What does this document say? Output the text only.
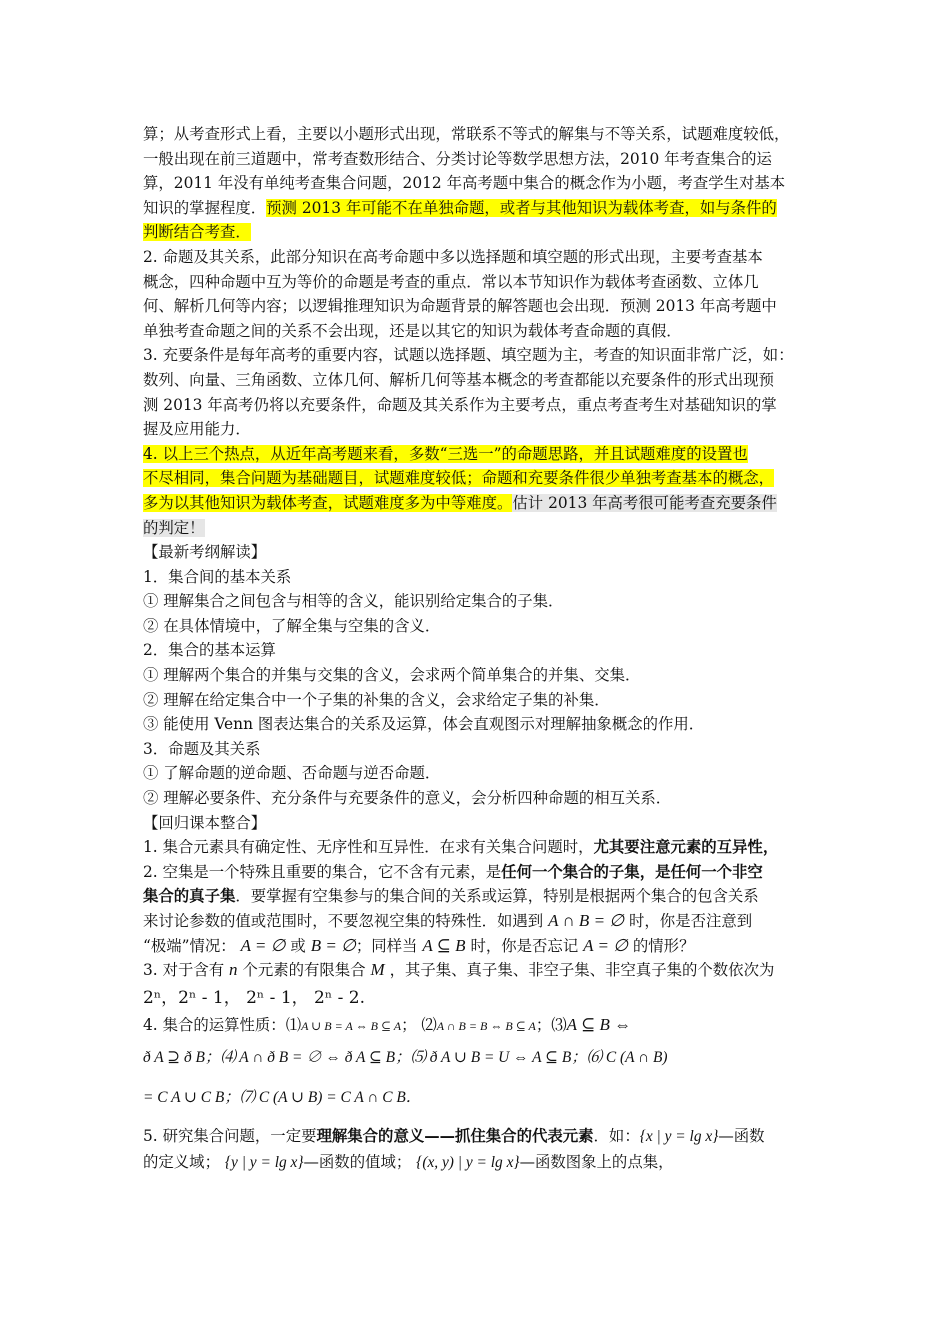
算；从考查形式上看，主要以小题形式出现，常联系不等式的解集与不等关系，试题难度较低，
一般出现在前三道题中，常考查数形结合、分类讨论等数学思想方法，2010 年考查集合的运
算，2011 年没有单纯考查集合问题，2012 年高考题中集合的概念作为小题，考查学生对基本
知识的掌握程度．预测 2013 年可能不在单独命题，或者与其他知识为载体考查，如与条件的
判断结合考查．
2. 命题及其关系，此部分知识在高考命题中多以选择题和填空题的形式出现，主要考查基本
概念，四种命题中互为等价的命题是考查的重点．常以本节知识作为载体考查函数、立体几
何、解析几何等内容；以逻辑推理知识为命题背景的解答题也会出现．预测 2013 年高考题中
单独考查命题之间的关系不会出现，还是以其它的知识为载体考查命题的真假．
3. 充要条件是每年高考的重要内容，试题以选择题、填空题为主，考查的知识面非常广泛，如：
数列、向量、三角函数、立体几何、解析几何等基本概念的考查都能以充要条件的形式出现预
测 2013 年高考仍将以充要条件，命题及其关系作为主要考点，重点考查考生对基础知识的掌
握及应用能力．
4. 以上三个热点，从近年高考题来看，多数“三选一”的命题思路，并且试题难度的设置也
不尽相同，集合问题为基础题目，试题难度较低；命题和充要条件很少单独考查基本的概念，
多为以其他知识为载体考查，试题难度多为中等难度。估计 2013 年高考很可能考查充要条件
的判定！
【最新考纲解读】
1．集合间的基本关系
① 理解集合之间包含与相等的含义，能识别给定集合的子集．
② 在具体情境中，了解全集与空集的含义．
2．集合的基本运算
① 理解两个集合的并集与交集的含义，会求两个简单集合的并集、交集．
② 理解在给定集合中一个子集的补集的含义，会求给定子集的补集．
③ 能使用 Venn 图表达集合的关系及运算，体会直观图示对理解抽象概念的作用．
3．命题及其关系
① 了解命题的逆命题、否命题与逆否命题．
② 理解必要条件、充分条件与充要条件的意义，会分析四种命题的相互关系．
【回归课本整合】
1. 集合元素具有确定性、无序性和互异性．在求有关集合问题时，尤其要注意元素的互异性，
2. 空集是一个特殊且重要的集合，它不含有元素，是任何一个集合的子集，是任何一个非空
集合的真子集．要掌握有空集参与的集合间的关系或运算，特别是根据两个集合的包含关系
来讨论参数的值或范围时，不要忽视空集的特殊性．如遇到 A ∩ B = ∅ 时，你是否注意到
“极端”情况： A = ∅ 或 B = ∅；同样当 A ⊆ B 时，你是否忘记 A = ∅ 的情形？
3. 对于含有 n 个元素的有限集合 M ，其子集、真子集、非空子集、非空真子集的个数依次为
2ⁿ，2ⁿ - 1， 2ⁿ - 1， 2ⁿ - 2.
4. 集合的运算性质：⑴A ∪ B = A ⇔ B ⊆ A； ⑵A ∩ B = B ⇔ B ⊆ A；⑶A ⊆ B ⇔
ð A ⊇ ð B；⑷ A ∩ ð B = ∅ ⇔ ð A ⊆ B；⑸ ð A ∪ B = U ⇔ A ⊆ B；⑹ C (A ∩ B)
= C A ∪ C B；⑺ C (A ∪ B) = C A ∩ C B．
5. 研究集合问题，一定要理解集合的意义——抓住集合的代表元素．如：{x | y = lg x}—函数
的定义域； {y | y = lg x}—函数的值域； {(x, y) | y = lg x}—函数图象上的点集，
